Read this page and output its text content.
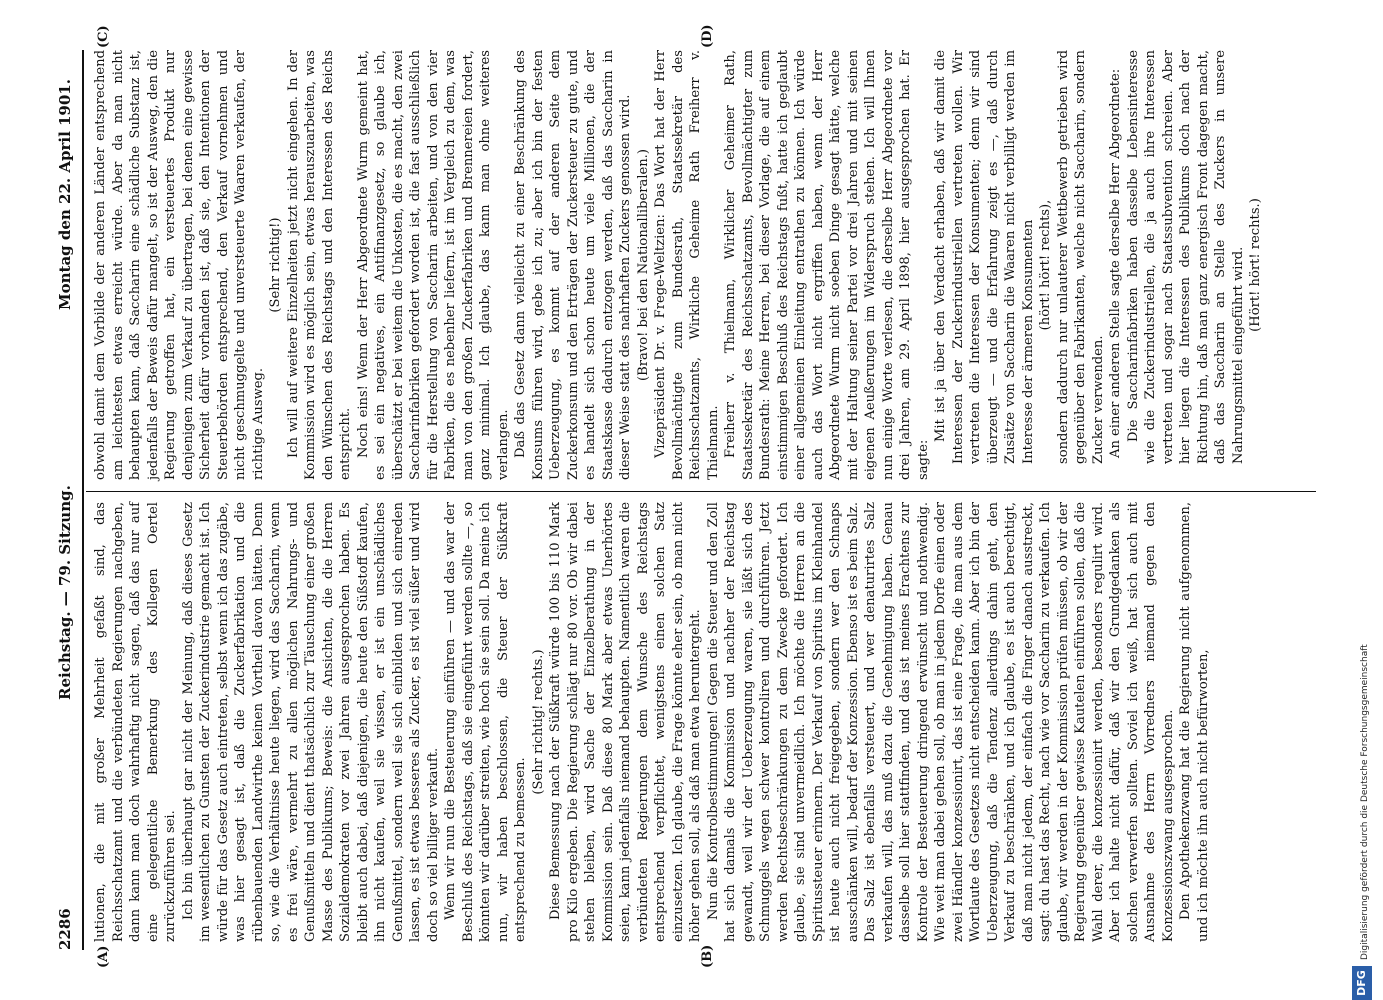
2286
Reichstag. — 79. Sitzung.
Montag den 22. April 1901.
(A)	(B)
(C)	(D)

lutionen, die mit großer Mehrheit gefaßt sind, das Reichsschatzamt und die verbündeten Regierungen nachgeben, dann kann man doch wahrhaftig nicht sagen, daß das nur auf eine gelegentliche Bemerkung des Kollegen Oertel zurückzuführen sei. Ich bin überhaupt gar nicht der Meinung, daß dieses Gesetz im wesentlichen zu Gunsten der Zuckerindustrie gemacht ist. Ich würde für das Gesetz auch eintreten, selbst wenn ich das zugäbe, was hier gesagt ist, daß die Zuckerfabrikation und die rübenbauenden Landwirthe keinen Vortheil davon hätten. Denn so, wie die Verhältnisse heute liegen, wird das Saccharin, wenn es frei wäre, vermehrt zu allen möglichen Nahrungs- und Genußmitteln und dient thatsächlich zur Täuschung einer großen Masse des Publikums; Beweis: die Ansichten, die die Herren Sozialdemokraten vor zwei Jahren ausgesprochen haben. Es bleibt auch dabei, daß diejenigen, die heute den Süßstoff kaufen, ihn nicht kaufen, weil sie wissen, er ist ein unschädliches Genußmittel, sondern weil sie sich einbilden und sich einreden lassen, es ist etwas besseres als Zucker, es ist viel süßer und wird doch so viel billiger verkauft. Wenn wir nun die Besteuerung einführen — und das war der Beschluß des Reichstags, daß sie eingeführt werden sollte —, so könnten wir darüber streiten, wie hoch sie sein soll. Da meine ich nun, wir haben beschlossen, die Steuer der Süßkraft entsprechend zu bemessen.

(Sehr richtig! rechts.) Diese Bemessung nach der Süßkraft würde 100 bis 110 Mark pro Kilo ergeben. Die Regierung schlägt nur 80 vor. Ob wir dabei stehen bleiben, wird Sache der Einzelberathung in der Kommission sein. Daß diese 80 Mark aber etwas Unerhörtes seien, kann jedenfalls niemand behaupten. Namentlich waren die verbündeten Regierungen dem Wunsche des Reichstags entsprechend verpflichtet, wenigstens einen solchen Satz einzusetzen. Ich glaube, die Frage könnte eher sein, ob man nicht höher gehen soll, als daß man etwa heruntergeht. Nun die Kontrolbestimmungen! Gegen die Steuer und den Zoll hat sich damals die Kommission und nachher der Reichstag gewandt, weil wir der Ueberzeugung waren, sie läßt sich des Schmuggels wegen schwer kontroliren und durchführen. Jetzt werden Rechtsbeschränkungen zu dem Zwecke gefordert. Ich glaube, sie sind unvermeidlich. Ich möchte die Herren an die Spiritussteuer erinnern. Der Verkauf von Spiritus im Kleinhandel ist heute auch nicht freigegeben, sondern wer den Schnaps ausschänken will, bedarf der Konzession. Ebenso ist es beim Salz. Das Salz ist ebenfalls versteuert, und wer denaturirtes Salz verkaufen will, das muß dazu die Genehmigung haben. Genau dasselbe soll hier stattfinden, und das ist meines Erachtens zur Kontrole der Besteuerung dringend erwünscht und nothwendig. Wie weit man dabei gehen soll, ob man in jedem Dorfe einen oder zwei Händler konzessionirt, das ist eine Frage, die man aus dem Wortlaute des Gesetzes nicht entscheiden kann. Aber ich bin der Ueberzeugung, daß die Tendenz allerdings dahin geht, den Verkauf zu beschränken, und ich glaube, es ist auch berechtigt, daß man nicht jedem, der einfach die Finger danach ausstreckt, sagt: du hast das Recht, nach wie vor Saccharin zu verkaufen. Ich glaube, wir werden in der Kommission prüfen müssen, ob wir der Regierung gegenüber gewisse Kautelen einführen sollen, daß die Wahl derer, die konzessionirt werden, besonders regulirt wird. Aber ich halte nicht dafür, daß wir den Grundgedanken als solchen verwerfen sollten. Soviel ich weiß, hat sich auch mit Ausnahme des Herrn Vorredners niemand gegen den Konzessionszwang ausgesprochen. Den Apothekenzwang hat die Regierung nicht aufgenommen, und ich möchte ihn auch nicht befürworten,

obwohl damit dem Vorbilde der anderen Länder entsprechend am leichtesten etwas erreicht würde. Aber da man nicht behaupten kann, daß Saccharin eine schädliche Substanz ist, jedenfalls der Beweis dafür mangelt, so ist der Ausweg, den die Regierung getroffen hat, ein versteuertes Produkt nur denjenigen zum Verkauf zu übertragen, bei denen eine gewisse Sicherheit dafür vorhanden ist, daß sie, den Intentionen der Steuerbehörden entsprechend, den Verkauf vornehmen und nicht geschmuggelte und unversteuerte Waaren verkaufen, der richtige Ausweg.

(Sehr richtig!) Ich will auf weitere Einzelheiten jetzt nicht eingehen. In der Kommission wird es möglich sein, etwas herauszuarbeiten, was den Wünschen des Reichstags und den Interessen des Reichs entspricht. Noch eins! Wenn der Herr Abgeordnete Wurm gemeint hat, es sei ein negatives, ein Antifinanzgesetz, so glaube ich, überschätzt er bei weitem die Unkosten, die es macht, den zwei Saccharinfabriken gefordert worden ist, die fast ausschließlich für die Herstellung von Saccharin arbeiten, und von den vier Fabriken, die es nebenher liefern, ist im Vergleich zu dem, was man von den großen Zuckerfabriken und Brennereien fordert, ganz minimal. Ich glaube, das kann man ohne weiteres verlangen. Daß das Gesetz dann vielleicht zu einer Beschränkung des Konsums führen wird, gebe ich zu; aber ich bin der festen Ueberzeugung, es kommt auf der anderen Seite dem Zuckerkonsum und den Erträgen der Zuckersteuer zu gute, und es handelt sich schon heute um viele Millionen, die der Staatskasse dadurch entzogen werden, daß das Saccharin in dieser Weise statt des nahrhaften Zuckers genossen wird. (Bravo! bei den Nationalliberalen.) Vizepräsident Dr. v. Frege-Weltzien: Das Wort hat der Herr Bevollmächtigte zum Bundesrath, Staatssekretär des Reichsschatzamts, Wirkliche Geheime Rath Freiherr v. Thielmann. Freiherr v. Thielmann, Wirklicher Geheimer Rath, Staatssekretär des Reichsschatzamts, Bevollmächtigter zum Bundesrath: Meine Herren, bei dieser Vorlage, die auf einem einstimmigen Beschluß des Reichstags fußt, hatte ich geglaubt einer allgemeinen Einleitung entrathen zu können. Ich würde auch das Wort nicht ergriffen haben, wenn der Herr Abgeordnete Wurm nicht soeben Dinge gesagt hätte, welche mit der Haltung seiner Partei vor drei Jahren und mit seinen eigenen Aeußerungen im Widerspruch stehen. Ich will Ihnen nun einige Worte verlesen, die derselbe Herr Abgeordnete vor drei Jahren, am 29. April 1898, hier ausgesprochen hat. Er sagte:

Mit ist ja über den Verdacht erhaben, daß wir damit die Interessen der Zuckerindustriellen vertreten wollen. Wir vertreten die Interessen der Konsumenten; denn wir sind überzeugt — und die Erfahrung zeigt es —, daß durch Zusätze von Saccharin die Waaren nicht verbilligt werden im Interesse der ärmeren Konsumenten (hört! hört! rechts), sondern dadurch nur unlauterer Wettbewerb getrieben wird gegenüber den Fabrikanten, welche nicht Saccharin, sondern Zucker verwenden. An einer anderen Stelle sagte derselbe Herr Abgeordnete: Die Saccharinfabriken haben dasselbe Lebensinteresse wie die Zuckerindustriellen, die ja auch ihre Interessen vertreten und sogar nach Staatssubvention schreien. Aber hier liegen die Interessen des Publikums doch nach der Richtung hin, daß man ganz energisch Front dagegen macht, daß das Saccharin an Stelle des Zuckers in unsere Nahrungsmittel eingeführt wird. (Hört! hört! rechts.)

DFG
Digitalisierung gefördert durch die Deutsche Forschungsgemeinschaft
